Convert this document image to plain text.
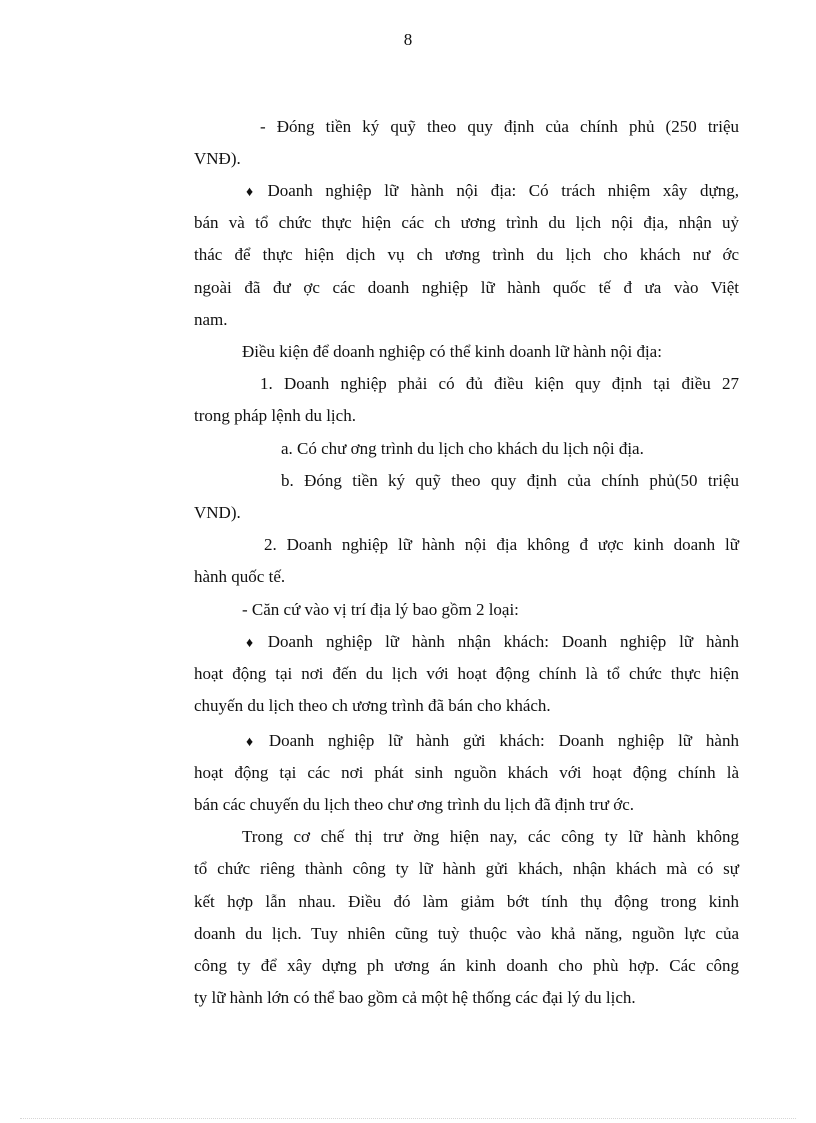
8
- Đóng tiền ký quỹ theo quy định của chính phủ (250 triệu
VNĐ).
♦ Doanh nghiệp lữ hành nội địa: Có trách nhiệm xây dựng,
bán và tổ chức thực hiện các ch ương trình du lịch nội địa, nhận uỷ
thác để thực hiện dịch vụ ch ương trình du lịch cho khách nư ớc
ngoài đã đư ợc các doanh nghiệp lữ hành quốc tế đ ưa vào Việt
nam.
Điều kiện để doanh nghiệp có thể kinh doanh lữ hành nội địa:
1. Doanh nghiệp phải có đủ điều kiện quy định tại điều 27
trong pháp lệnh du lịch.
a. Có chư ơng trình du lịch cho khách du lịch nội địa.
b. Đóng tiền ký quỹ theo quy định của chính phủ(50 triệu
VND).
2. Doanh nghiệp lữ hành nội địa không đ ược kinh doanh lữ
hành quốc tế.
- Căn cứ vào vị trí địa lý bao gồm 2 loại:
♦ Doanh nghiệp lữ hành nhận khách: Doanh nghiệp lữ hành
hoạt động tại nơi đến du lịch với hoạt động chính là tổ chức thực hiện
chuyến du lịch theo ch ương trình đã bán cho khách.
♦ Doanh nghiệp lữ hành gửi khách: Doanh nghiệp lữ hành
hoạt động tại các nơi phát sinh nguồn khách với hoạt động chính là
bán các chuyến du lịch theo chư ơng trình du lịch đã định trư ớc.
Trong cơ chế thị trư ờng hiện nay, các công ty lữ hành không
tổ chức riêng thành công ty lữ hành gửi khách, nhận khách mà có sự
kết hợp lẫn nhau. Điều đó làm giảm bớt tính thụ động trong kinh
doanh du lịch. Tuy nhiên cũng tuỳ thuộc vào khả năng, nguồn lực của
công ty để xây dựng ph ương án kinh doanh cho phù hợp. Các công
ty lữ hành lớn có thể bao gồm cả một hệ thống các đại lý du lịch.
